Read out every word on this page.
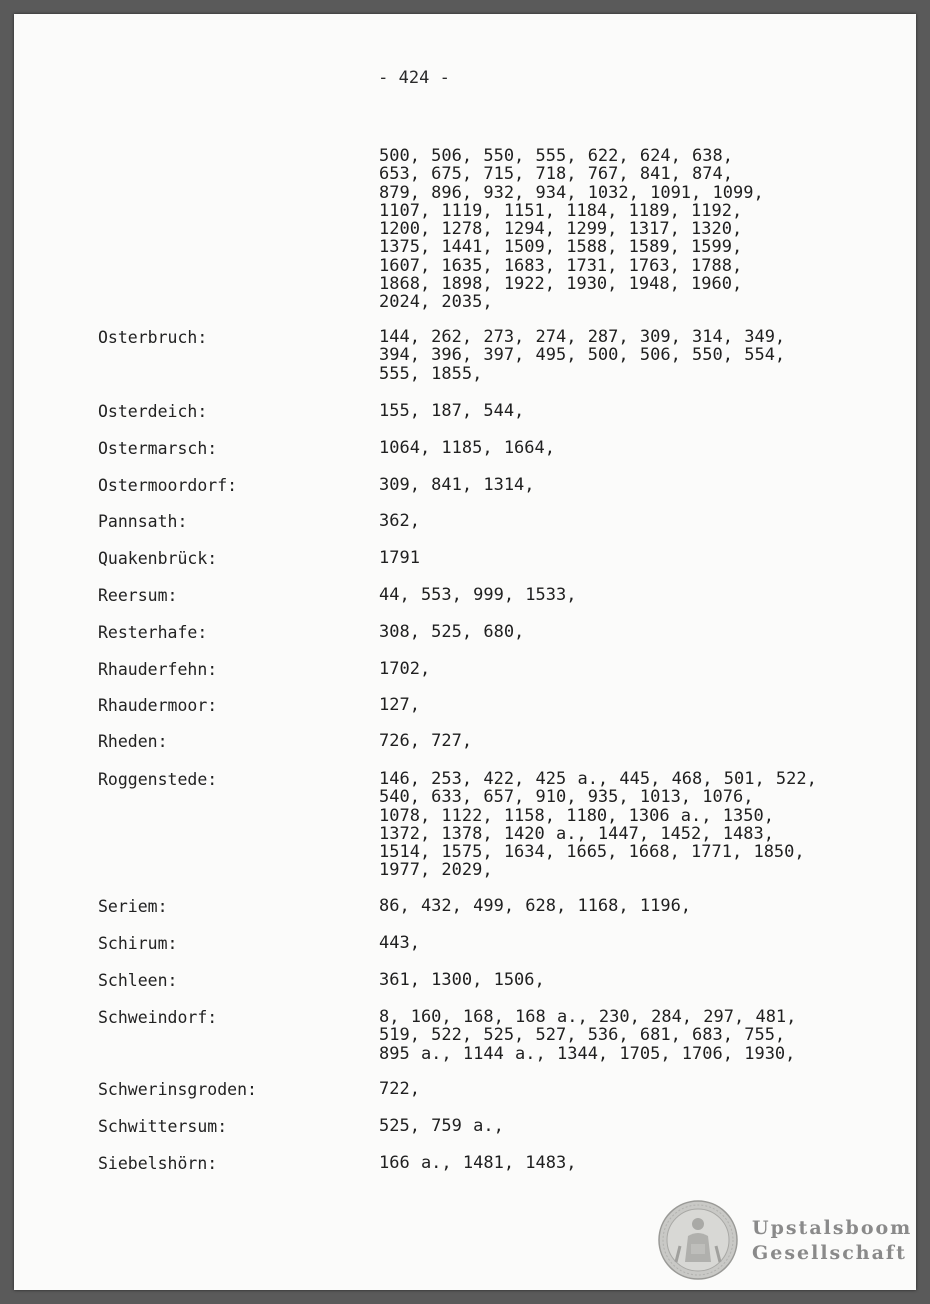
- 424 -
500, 506, 550, 555, 622, 624, 638,
653, 675, 715, 718, 767, 841, 874,
879, 896, 932, 934, 1032, 1091, 1099,
1107, 1119, 1151, 1184, 1189, 1192,
1200, 1278, 1294, 1299, 1317, 1320,
1375, 1441, 1509, 1588, 1589, 1599,
1607, 1635, 1683, 1731, 1763, 1788,
1868, 1898, 1922, 1930, 1948, 1960,
2024, 2035,
Osterbruch:	144, 262, 273, 274, 287, 309, 314, 349,
394, 396, 397, 495, 500, 506, 550, 554,
555, 1855,
Osterdeich:	155, 187, 544,
Ostermarsch:	1064, 1185, 1664,
Ostermoordorf:	309, 841, 1314,
Pannsath:	362,
Quakenbrück:	1791
Reersum:	44, 553, 999, 1533,
Resterhafe:	308, 525, 680,
Rhauderfehn:	1702,
Rhaudermoor:	127,
Rheden:	726, 727,
Roggenstede:	146, 253, 422, 425 a., 445, 468, 501, 522,
540, 633, 657, 910, 935, 1013, 1076,
1078, 1122, 1158, 1180, 1306 a., 1350,
1372, 1378, 1420 a., 1447, 1452, 1483,
1514, 1575, 1634, 1665, 1668, 1771, 1850,
1977, 2029,
Seriem:	86, 432, 499, 628, 1168, 1196,
Schirum:	443,
Schleen:	361, 1300, 1506,
Schweindorf:	8, 160, 168, 168 a., 230, 284, 297, 481,
519, 522, 525, 527, 536, 681, 683, 755,
895 a., 1144 a., 1344, 1705, 1706, 1930,
Schwerinsgroden:	722,
Schwittersum:	525, 759 a.,
Siebelshörn:	166 a., 1481, 1483,
Upstalsboom
Gesellschaft
